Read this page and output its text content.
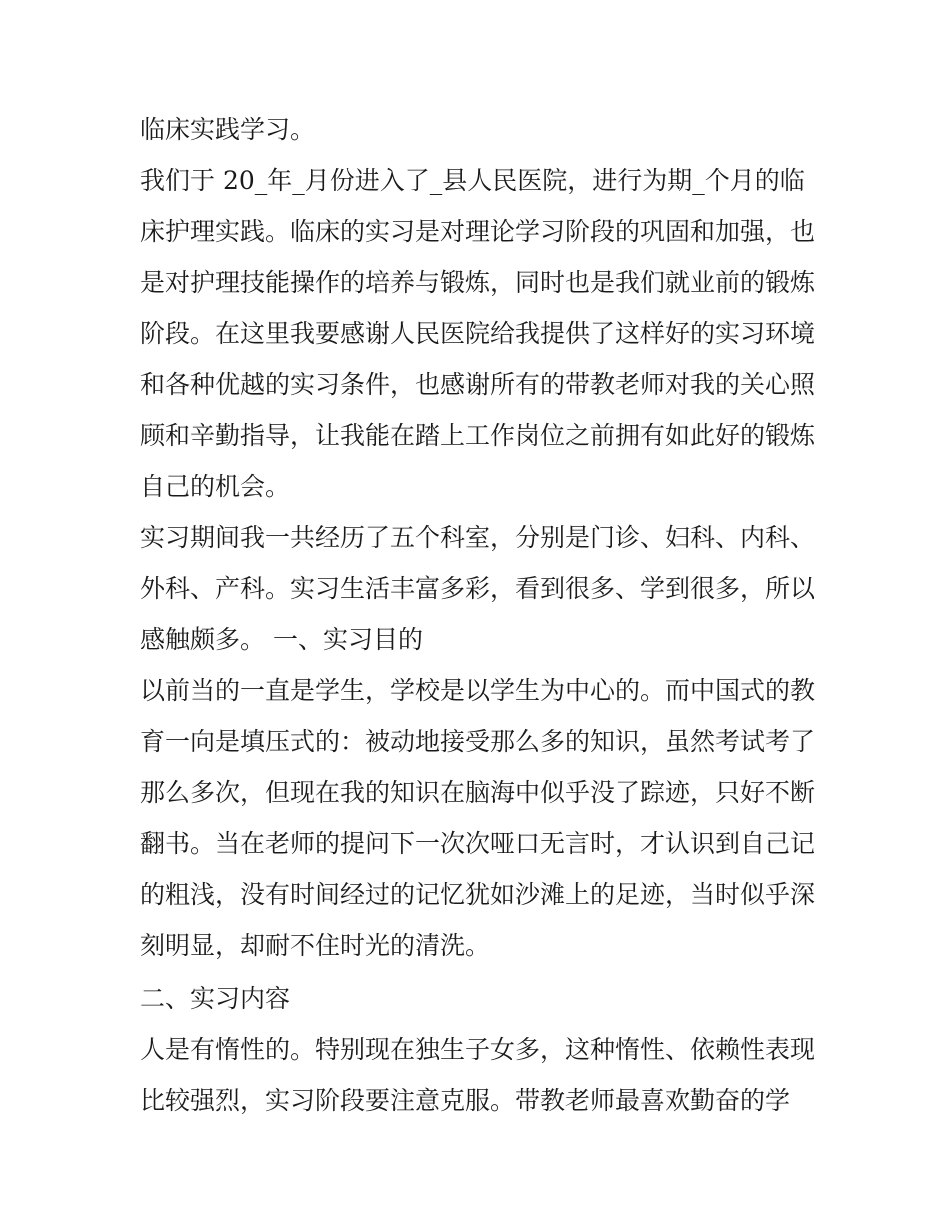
临床实践学习。
我们于 20_年_月份进入了_县人民医院，进行为期_个月的临
床护理实践。临床的实习是对理论学习阶段的巩固和加强，也
是对护理技能操作的培养与锻炼，同时也是我们就业前的锻炼
阶段。在这里我要感谢人民医院给我提供了这样好的实习环境
和各种优越的实习条件，也感谢所有的带教老师对我的关心照
顾和辛勤指导，让我能在踏上工作岗位之前拥有如此好的锻炼
自己的机会。
实习期间我一共经历了五个科室，分别是门诊、妇科、内科、
外科、产科。实习生活丰富多彩，看到很多、学到很多，所以
感触颇多。 一、实习目的
以前当的一直是学生，学校是以学生为中心的。而中国式的教
育一向是填压式的：被动地接受那么多的知识，虽然考试考了
那么多次，但现在我的知识在脑海中似乎没了踪迹，只好不断
翻书。当在老师的提问下一次次哑口无言时，才认识到自己记
的粗浅，没有时间经过的记忆犹如沙滩上的足迹，当时似乎深
刻明显，却耐不住时光的清洗。
二、实习内容
人是有惰性的。特别现在独生子女多，这种惰性、依赖性表现
比较强烈，实习阶段要注意克服。带教老师最喜欢勤奋的学
